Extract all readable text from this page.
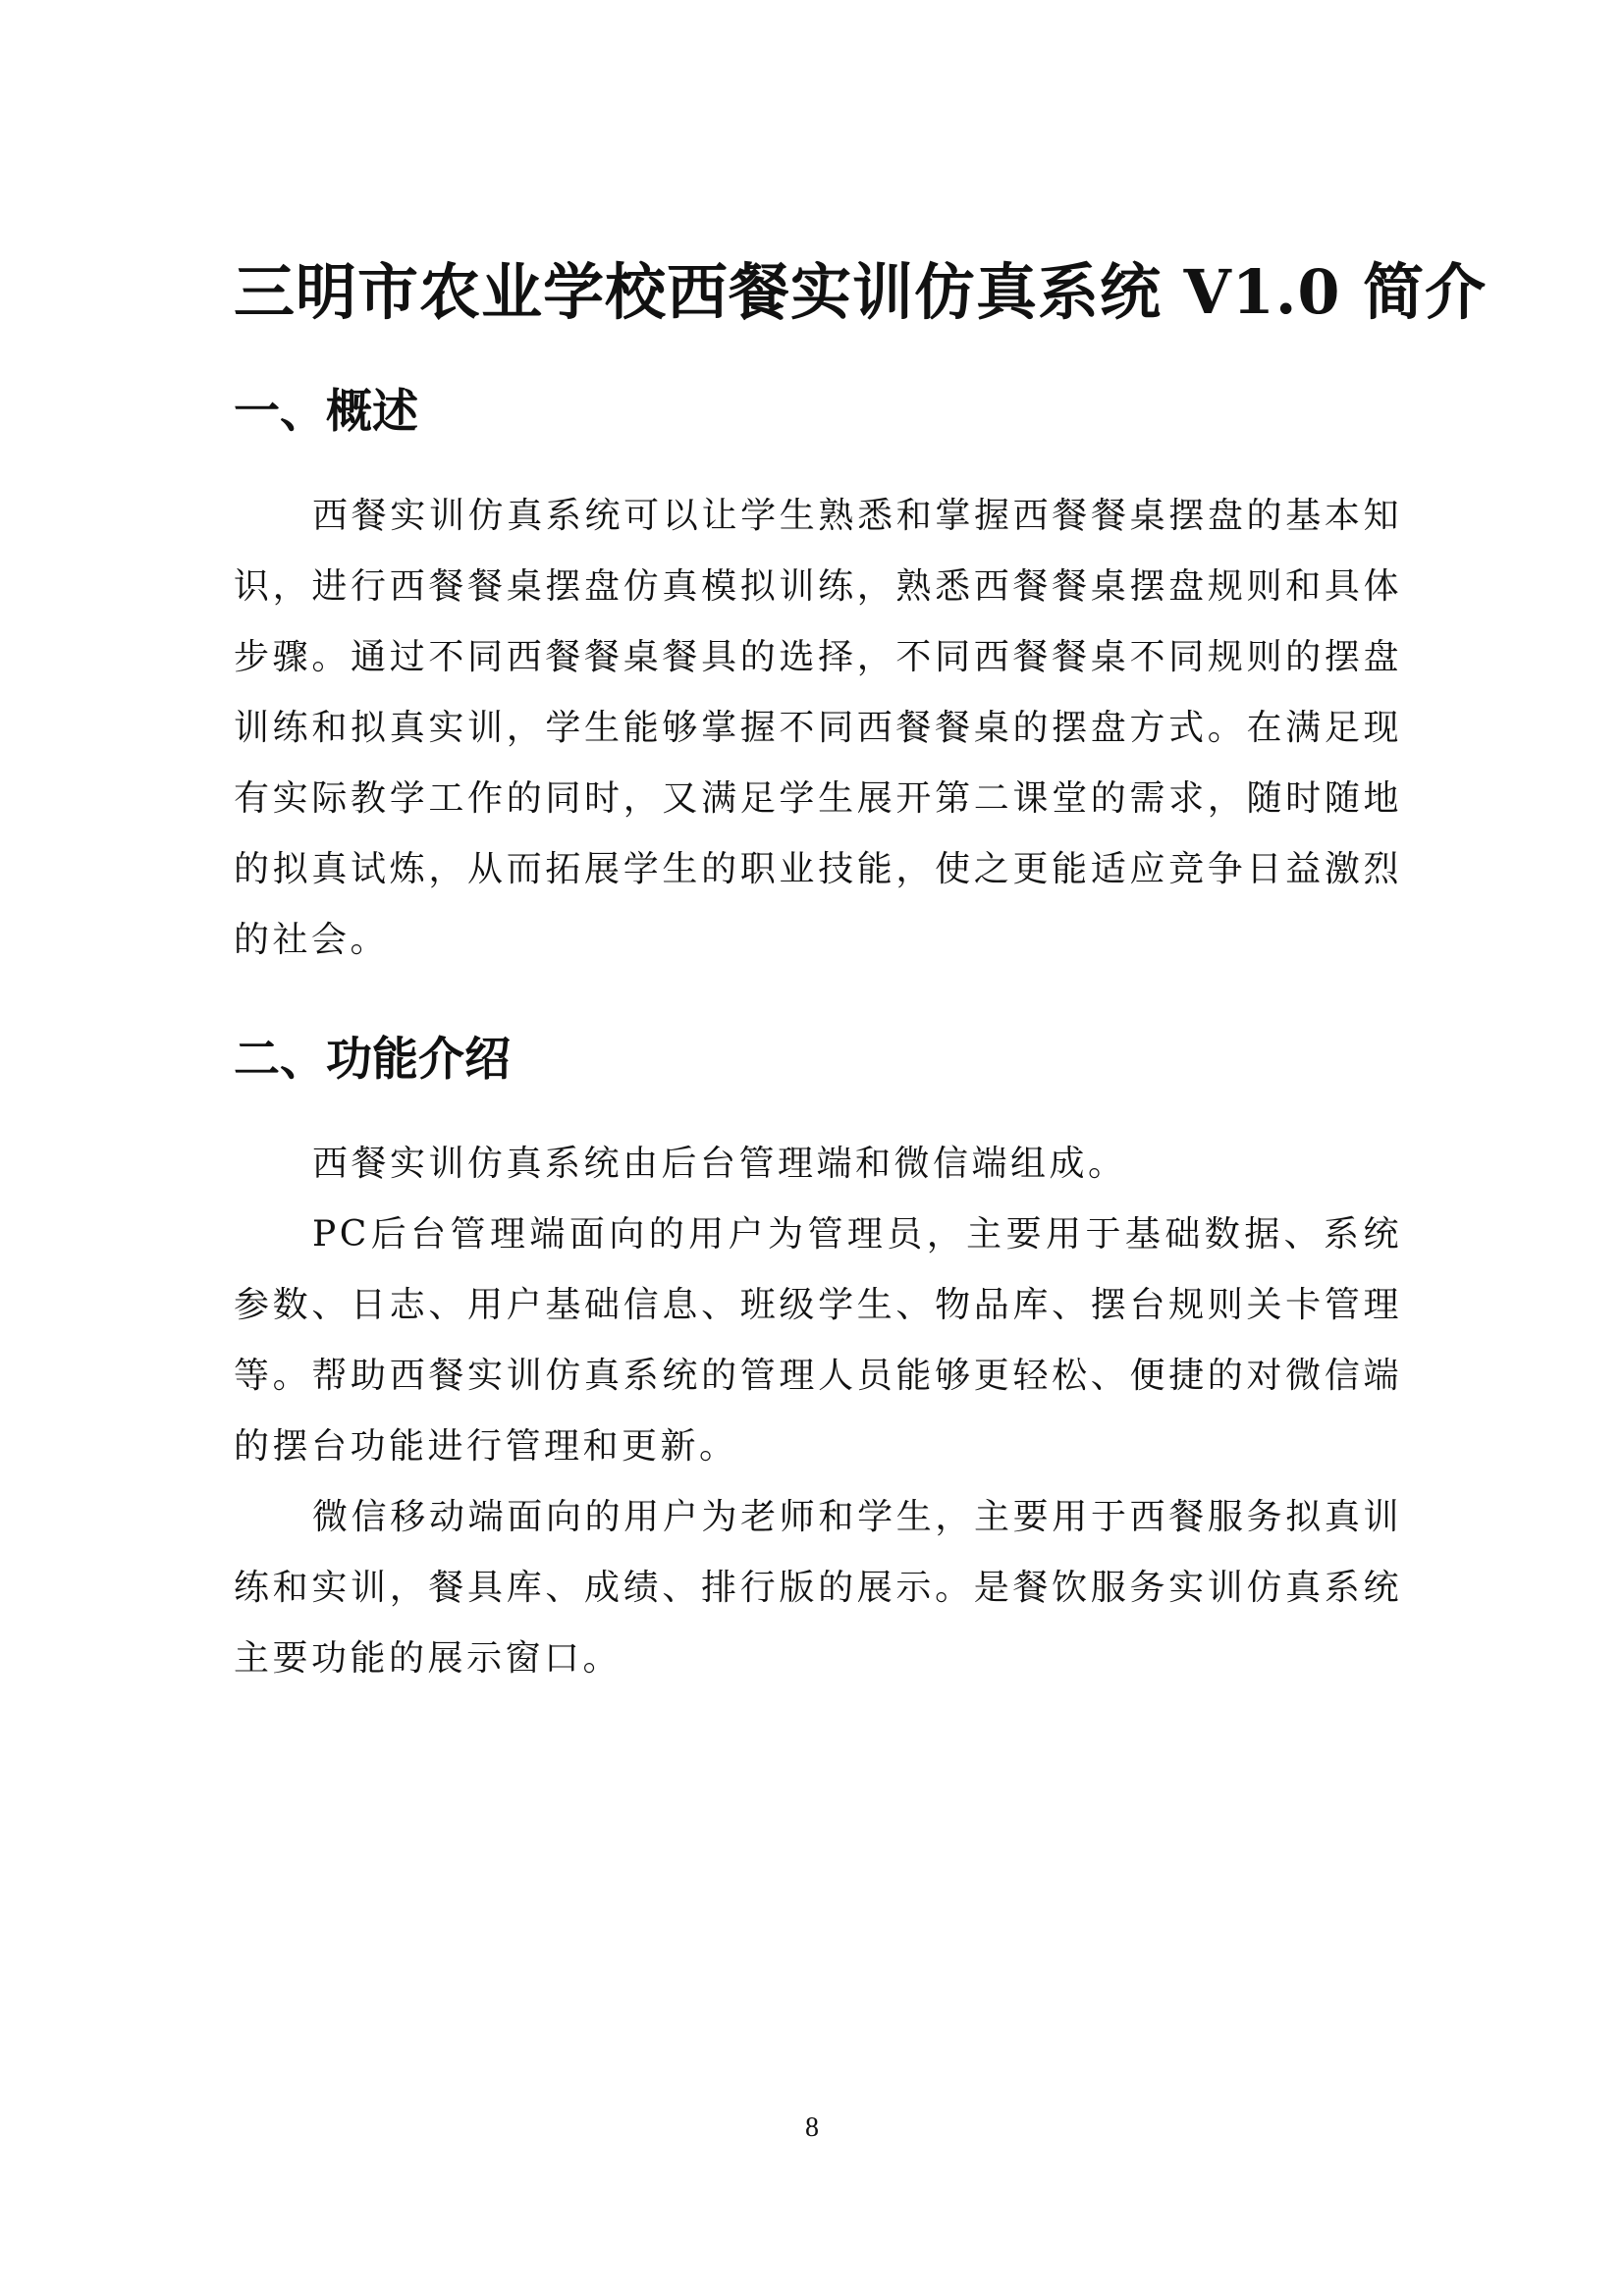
三明市农业学校西餐实训仿真系统 V1.0 简介
一、概述

西餐实训仿真系统可以让学生熟悉和掌握西餐餐桌摆盘的基本知识，进行西餐餐桌摆盘仿真模拟训练，熟悉西餐餐桌摆盘规则和具体步骤。通过不同西餐餐桌餐具的选择，不同西餐餐桌不同规则的摆盘训练和拟真实训，学生能够掌握不同西餐餐桌的摆盘方式。在满足现有实际教学工作的同时，又满足学生展开第二课堂的需求，随时随地的拟真试炼，从而拓展学生的职业技能，使之更能适应竞争日益激烈的社会。

二、功能介绍

西餐实训仿真系统由后台管理端和微信端组成。

PC后台管理端面向的用户为管理员，主要用于基础数据、系统参数、日志、用户基础信息、班级学生、物品库、摆台规则关卡管理等。帮助西餐实训仿真系统的管理人员能够更轻松、便捷的对微信端的摆台功能进行管理和更新。

微信移动端面向的用户为老师和学生，主要用于西餐服务拟真训练和实训，餐具库、成绩、排行版的展示。是餐饮服务实训仿真系统主要功能的展示窗口。

8
